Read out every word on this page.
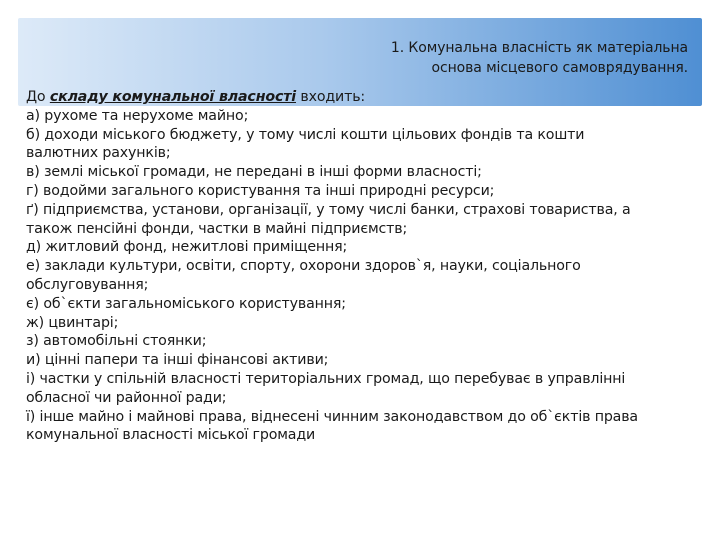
1. Комунальна власність як матеріальна
основа місцевого самоврядування.
До складу комунальної власності входить:
а) рухоме та нерухоме майно;
б) доходи міського бюджету, у тому числі кошти цільових фондів та кошти
валютних рахунків;
в) землі міської громади, не передані в інші форми власності;
г) водойми загального користування та інші природні ресурси;
ґ) підприємства, установи, організації, у тому числі банки, страхові товариства, а
також пенсійні фонди, частки в майні підприємств;
д) житловий фонд, нежитлові приміщення;
е) заклади культури, освіти, спорту, охорони здоров`я, науки, соціального
обслуговування;
є) об`єкти загальноміського користування;
ж) цвинтарі;
з) автомобільні стоянки;
и) цінні папери та інші фінансові активи;
і) частки у спільній власності територіальних громад, що перебуває в управлінні
обласної чи районної ради;
ї) інше майно і майнові права, віднесені чинним законодавством до об`єктів права
комунальної власності міської громади
